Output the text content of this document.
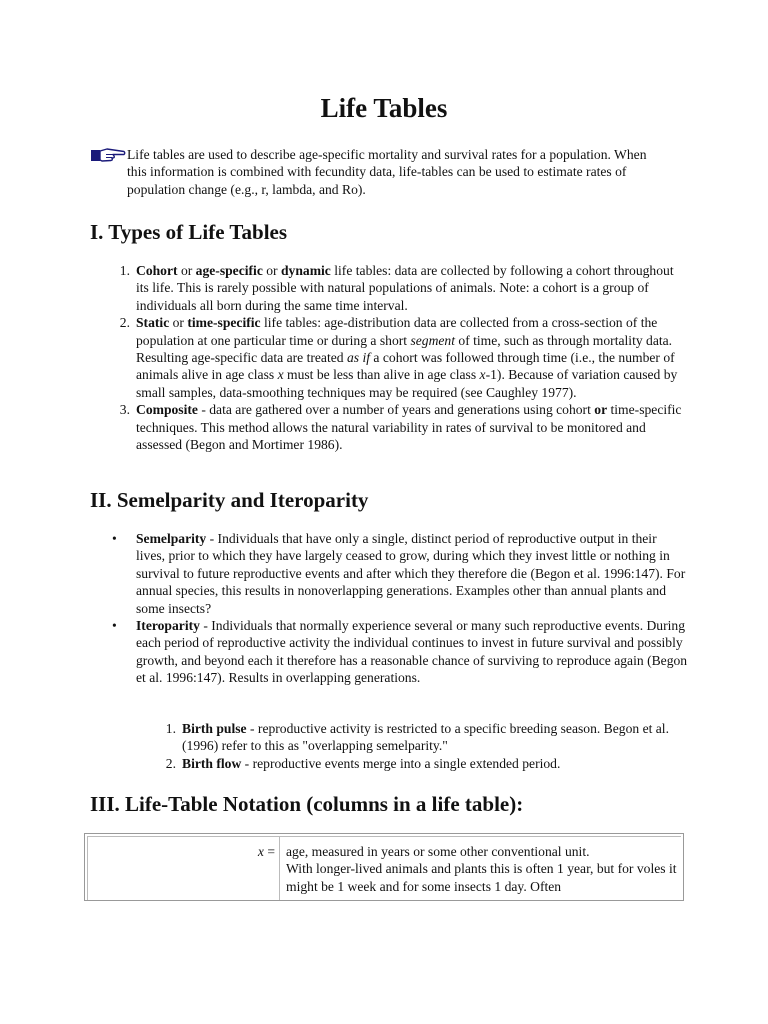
Life Tables

Life tables are used to describe age-specific mortality and survival rates for a population. When this information is combined with fecundity data, life-tables can be used to estimate rates of population change (e.g., r, lambda, and Ro).

I. Types of Life Tables
1. Cohort or age-specific or dynamic life tables: data are collected by following a cohort throughout its life. This is rarely possible with natural populations of animals. Note: a cohort is a group of individuals all born during the same time interval.
2. Static or time-specific life tables: age-distribution data are collected from a cross-section of the population at one particular time or during a short segment of time, such as through mortality data. Resulting age-specific data are treated as if a cohort was followed through time (i.e., the number of animals alive in age class x must be less than alive in age class x-1). Because of variation caused by small samples, data-smoothing techniques may be required (see Caughley 1977).
3. Composite - data are gathered over a number of years and generations using cohort or time-specific techniques. This method allows the natural variability in rates of survival to be monitored and assessed (Begon and Mortimer 1986).
II. Semelparity and Iteroparity
• Semelparity - Individuals that have only a single, distinct period of reproductive output in their lives, prior to which they have largely ceased to grow, during which they invest little or nothing in survival to future reproductive events and after which they therefore die (Begon et al. 1996:147). For annual species, this results in nonoverlapping generations. Examples other than annual plants and some insects?
• Iteroparity - Individuals that normally experience several or many such reproductive events. During each period of reproductive activity the individual continues to invest in future survival and possibly growth, and beyond each it therefore has a reasonable chance of surviving to reproduce again (Begon et al. 1996:147). Results in overlapping generations.
1. Birth pulse - reproductive activity is restricted to a specific breeding season. Begon et al. (1996) refer to this as "overlapping semelparity."
2. Birth flow - reproductive events merge into a single extended period.
III. Life-Table Notation (columns in a life table):
x = age, measured in years or some other conventional unit.
With longer-lived animals and plants this is often 1 year, but for voles it might be 1 week and for some insects 1 day. Often
